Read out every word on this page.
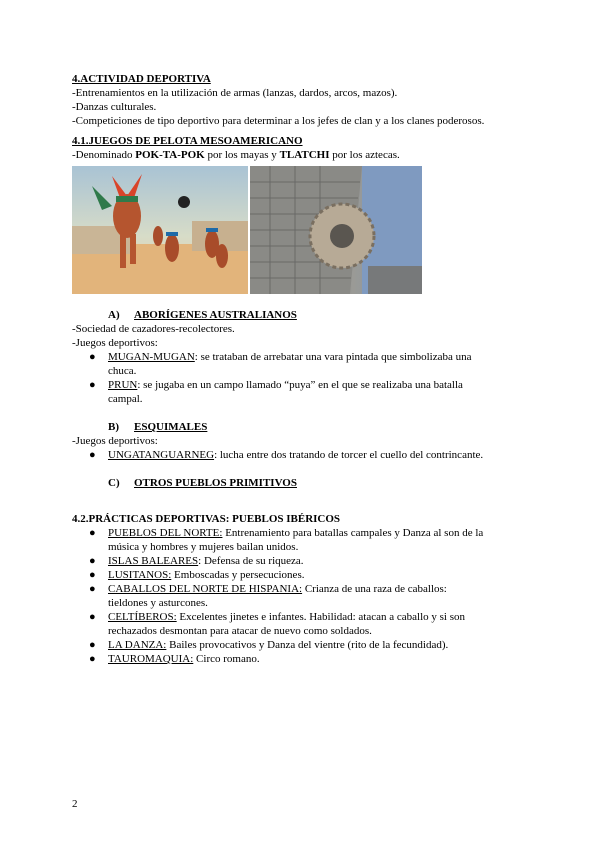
4.ACTIVIDAD DEPORTIVA

-Entrenamientos en la utilización de armas (lanzas, dardos, arcos, mazos).

-Danzas culturales.

-Competiciones de tipo deportivo para determinar a los jefes de clan y a los clanes poderosos.

4.1.JUEGOS DE PELOTA MESOAMERICANO

-Denominado POK-TA-POK por los mayas y TLATCHI por los aztecas.

A) ABORÍGENES AUSTRALIANOS

-Sociedad de cazadores-recolectores.

-Juegos deportivos:

● MUGAN-MUGAN: se trataban de arrebatar una vara pintada que simbolizaba una
chuca.
● PRUN: se jugaba en un campo llamado “puya” en el que se realizaba una batalla
campal.

B) ESQUIMALES

-Juegos deportivos:

● UNGATANGUARNEG: lucha entre dos tratando de torcer el cuello del contrincante.

C) OTROS PUEBLOS PRIMITIVOS

4.2.PRÁCTICAS DEPORTIVAS: PUEBLOS IBÉRICOS

● PUEBLOS DEL NORTE: Entrenamiento para batallas campales y Danza al son de la
música y hombres y mujeres bailan unidos.
● ISLAS BALEARES: Defensa de su riqueza.
● LUSITANOS: Emboscadas y persecuciones.
● CABALLOS DEL NORTE DE HISPANIA: Crianza de una raza de caballos:
tieldones y asturcones.
● CELTÍBEROS: Excelentes jinetes e infantes. Habilidad: atacan a caballo y si son
rechazados desmontan para atacar de nuevo como soldados.
● LA DANZA: Bailes provocativos y Danza del vientre (rito de la fecundidad).
● TAUROMAQUIA: Circo romano.
2
